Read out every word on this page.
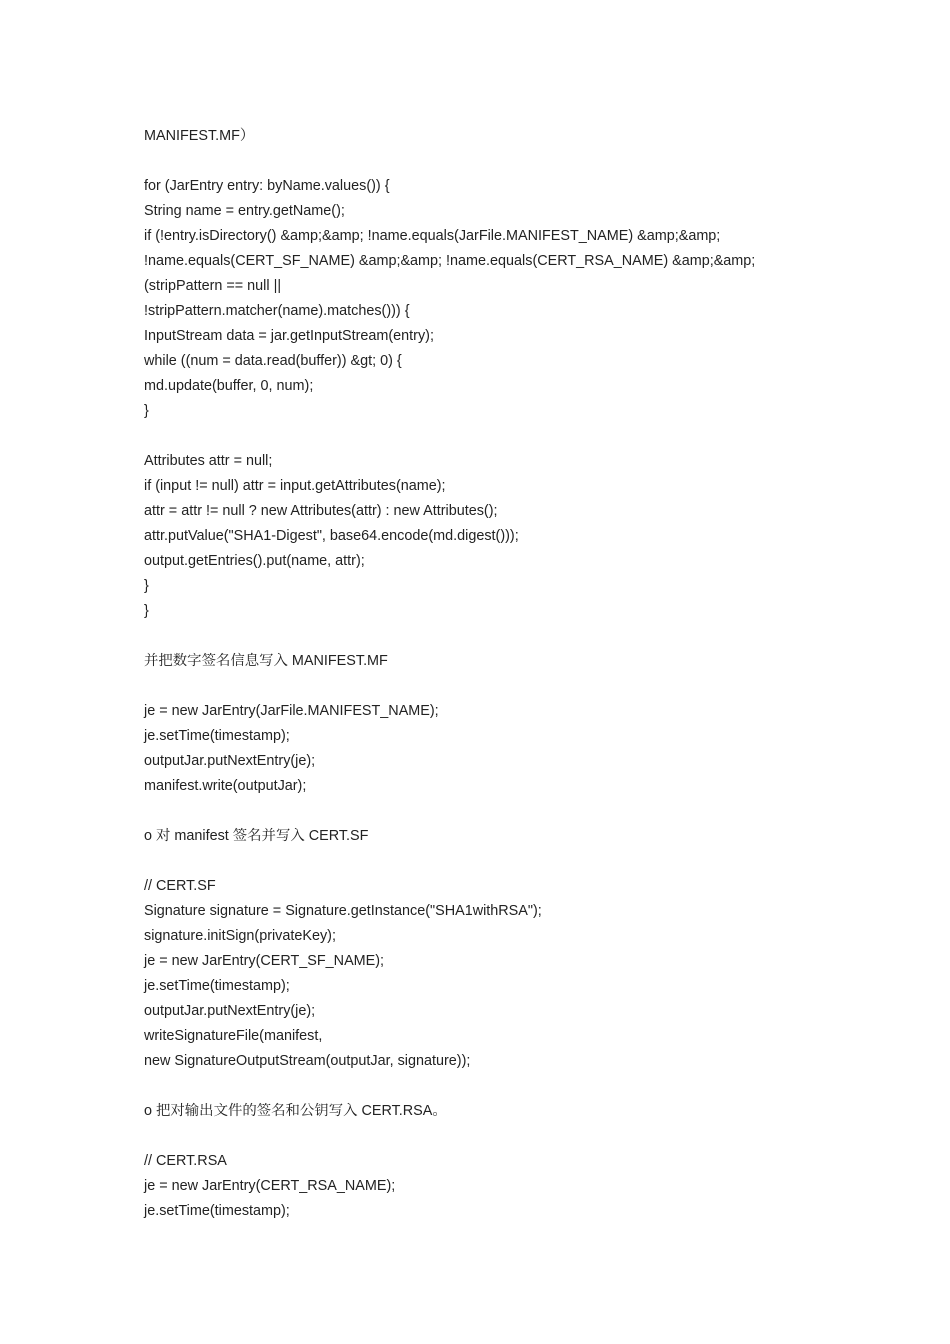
MANIFEST.MF）
for (JarEntry entry: byName.values()) {
String name = entry.getName();
if (!entry.isDirectory() &amp;&amp; !name.equals(JarFile.MANIFEST_NAME) &amp;&amp;
!name.equals(CERT_SF_NAME) &amp;&amp; !name.equals(CERT_RSA_NAME) &amp;&amp;
(stripPattern == null ||
!stripPattern.matcher(name).matches())) {
InputStream data = jar.getInputStream(entry);
while ((num = data.read(buffer)) &gt; 0) {
md.update(buffer, 0, num);
}
Attributes attr = null;
if (input != null) attr = input.getAttributes(name);
attr = attr != null ? new Attributes(attr) : new Attributes();
attr.putValue("SHA1-Digest", base64.encode(md.digest()));
output.getEntries().put(name, attr);
}
}
并把数字签名信息写入 MANIFEST.MF
je = new JarEntry(JarFile.MANIFEST_NAME);
je.setTime(timestamp);
outputJar.putNextEntry(je);
manifest.write(outputJar);
o 对 manifest 签名并写入 CERT.SF
// CERT.SF
Signature signature = Signature.getInstance("SHA1withRSA");
signature.initSign(privateKey);
je = new JarEntry(CERT_SF_NAME);
je.setTime(timestamp);
outputJar.putNextEntry(je);
writeSignatureFile(manifest,
new SignatureOutputStream(outputJar, signature));
o 把对输出文件的签名和公钥写入 CERT.RSA。
// CERT.RSA
je = new JarEntry(CERT_RSA_NAME);
je.setTime(timestamp);
